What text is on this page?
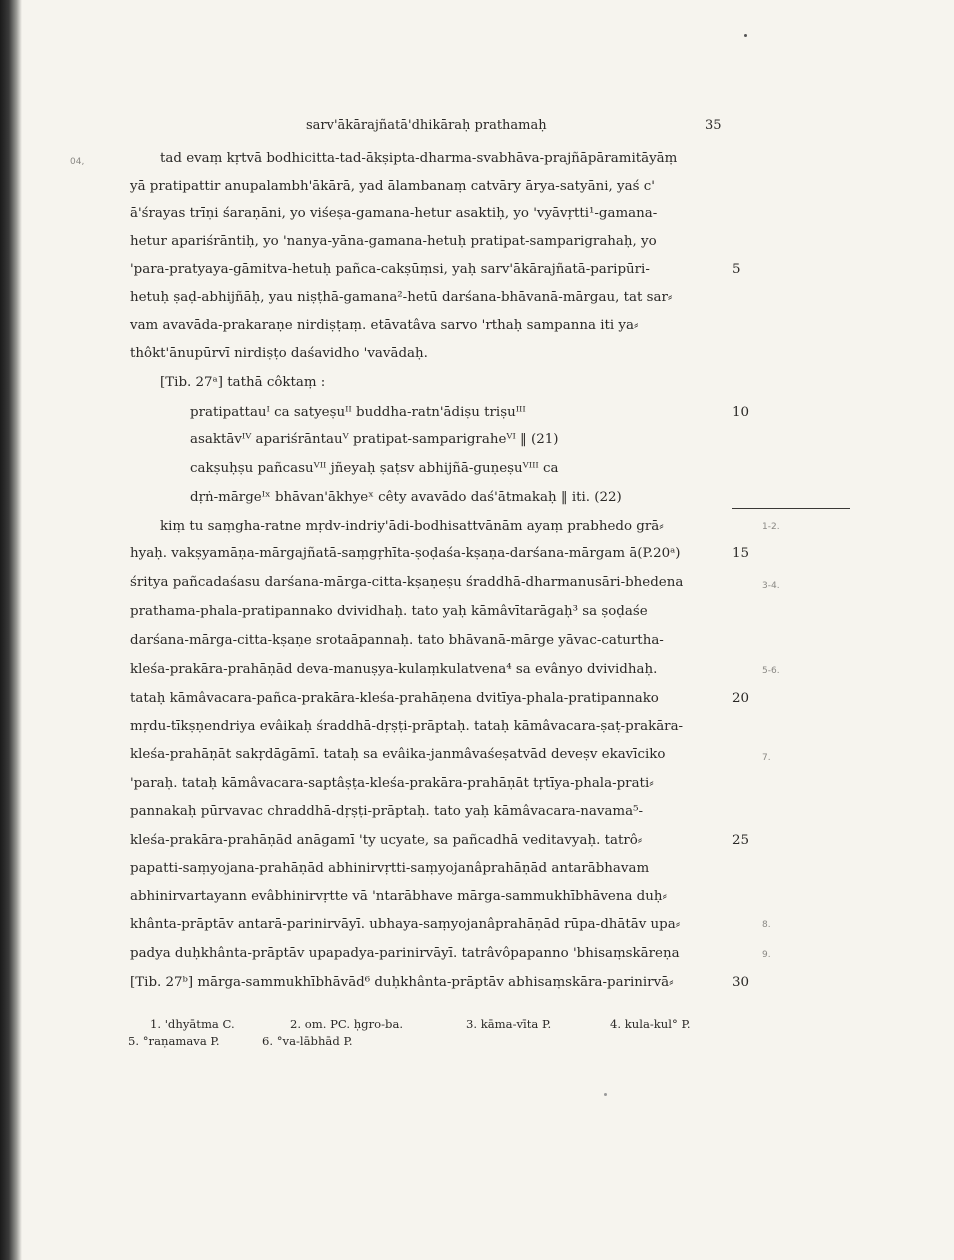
sarv'ākārajñatā'dhikāraḥ prathamaḥ	35
04,	tad evaṃ kṛtvā bodhicitta-tad-ākṣipta-dharma-svabhāva-prajñāpāramitāyāṃ
yā pratipattir anupalambh'ākārā, yad ālambanaṃ catvāry ārya-satyāni, yaś c'
ā'śrayas trīṇi śaraṇāni, yo viśeṣa-gamana-hetur asaktiḥ, yo 'vyāvṛtti¹-gamana-
hetur apariśrāntiḥ, yo 'nanya-yāna-gamana-hetuḥ pratipat-samparigrahaḥ, yo
'para-pratyaya-gāmitva-hetuḥ pañca-cakṣūṃsi, yaḥ sarv'ākārajñatā-paripūri-	5
hetuḥ ṣaḍ-abhijñāḥ, yau niṣṭhā-gamana²-hetū darśana-bhāvanā-mārgau, tat sar⸗
vam avavāda-prakaraṇe nirdiṣṭaṃ. etāvatâva sarvo 'rthaḥ sampanna iti ya⸗
thôkt'ānupūrvī nirdiṣṭo daśavidho 'vavādaḥ.
[Tib. 27ᵃ] tathā côktaṃ :
pratipattauᴵ ca satyeṣuᴵᴵ buddha-ratn'ādiṣu triṣuᴵᴵᴵ	10
asaktāvᴵⱽ apariśrāntauⱽ pratipat-samparigraheⱽᴵ ‖ (21)
cakṣuḥṣu pañcasuⱽᴵᴵ jñeyaḥ ṣaṭsv abhijñā-guṇeṣuⱽᴵᴵᴵ ca
dṛṅ-mārgeᴵˣ bhāvan'ākhyeˣ cêty avavādo daś'ātmakaḥ ‖ iti. (22)
kiṃ tu saṃgha-ratne mṛdv-indriy'ādi-bodhisattvānām ayaṃ prabhedo grā⸗
hyaḥ. vakṣyamāṇa-mārgajñatā-saṃgṛhīta-ṣoḍaśa-kṣaṇa-darśana-mārgam ā(P.20ᵃ)	15
śritya pañcadaśasu darśana-mārga-citta-kṣaṇeṣu śraddhā-dharmanusāri-bhedena
prathama-phala-pratipannako dvividhaḥ. tato yaḥ kāmâvītarāgaḥ³ sa ṣoḍaśe
darśana-mārga-citta-kṣaṇe srotaāpannaḥ. tato bhāvanā-mārge yāvac-caturtha-
kleśa-prakāra-prahāṇād deva-manuṣya-kulaṃkulatvena⁴ sa evânyo dvividhaḥ.
tataḥ kāmâvacara-pañca-prakāra-kleśa-prahāṇena dvitīya-phala-pratipannako	20
mṛdu-tīkṣṇendriya evâikaḥ śraddhā-dṛṣṭi-prāptaḥ. tataḥ kāmâvacara-ṣaṭ-prakāra-
kleśa-prahāṇāt sakṛdāgāmī. tataḥ sa evâika-janmâvaśeṣatvād deveṣv ekavīciko
'paraḥ. tataḥ kāmâvacara-saptâṣṭa-kleśa-prakāra-prahāṇāt tṛtīya-phala-prati⸗
pannakaḥ pūrvavac chraddhā-dṛṣṭi-prāptaḥ. tato yaḥ kāmâvacara-navama⁵-
kleśa-prakāra-prahāṇād anāgamī 'ty ucyate, sa pañcadhā veditavyaḥ. tatrô⸗	25
papatti-saṃyojana-prahāṇād abhinirvṛtti-saṃyojanâprahāṇād antarābhavam
abhinirvartayann evâbhinirvṛtte vā 'ntarābhave mārga-sammukhībhāvena duḥ⸗
khânta-prāptāv antarā-parinirvāyī. ubhaya-saṃyojanâprahāṇād rūpa-dhātāv upa⸗
padya duḥkhânta-prāptāv upapadya-parinirvāyī. tatrâvôpapanno 'bhisaṃskāreṇa
[Tib. 27ᵇ] mārga-sammukhībhāvād⁶ duḥkhânta-prāptāv abhisaṃskāra-parinirvā⸗	30
1-2.
3-4.
5-6.
7.
8.
9.
1. 'dhyātma C.	2. om. PC. ḥgro-ba.	3. kāma-vīta P.	4. kula-kul° P.
5. °raṇamava P.	6. °va-lābhād P.
